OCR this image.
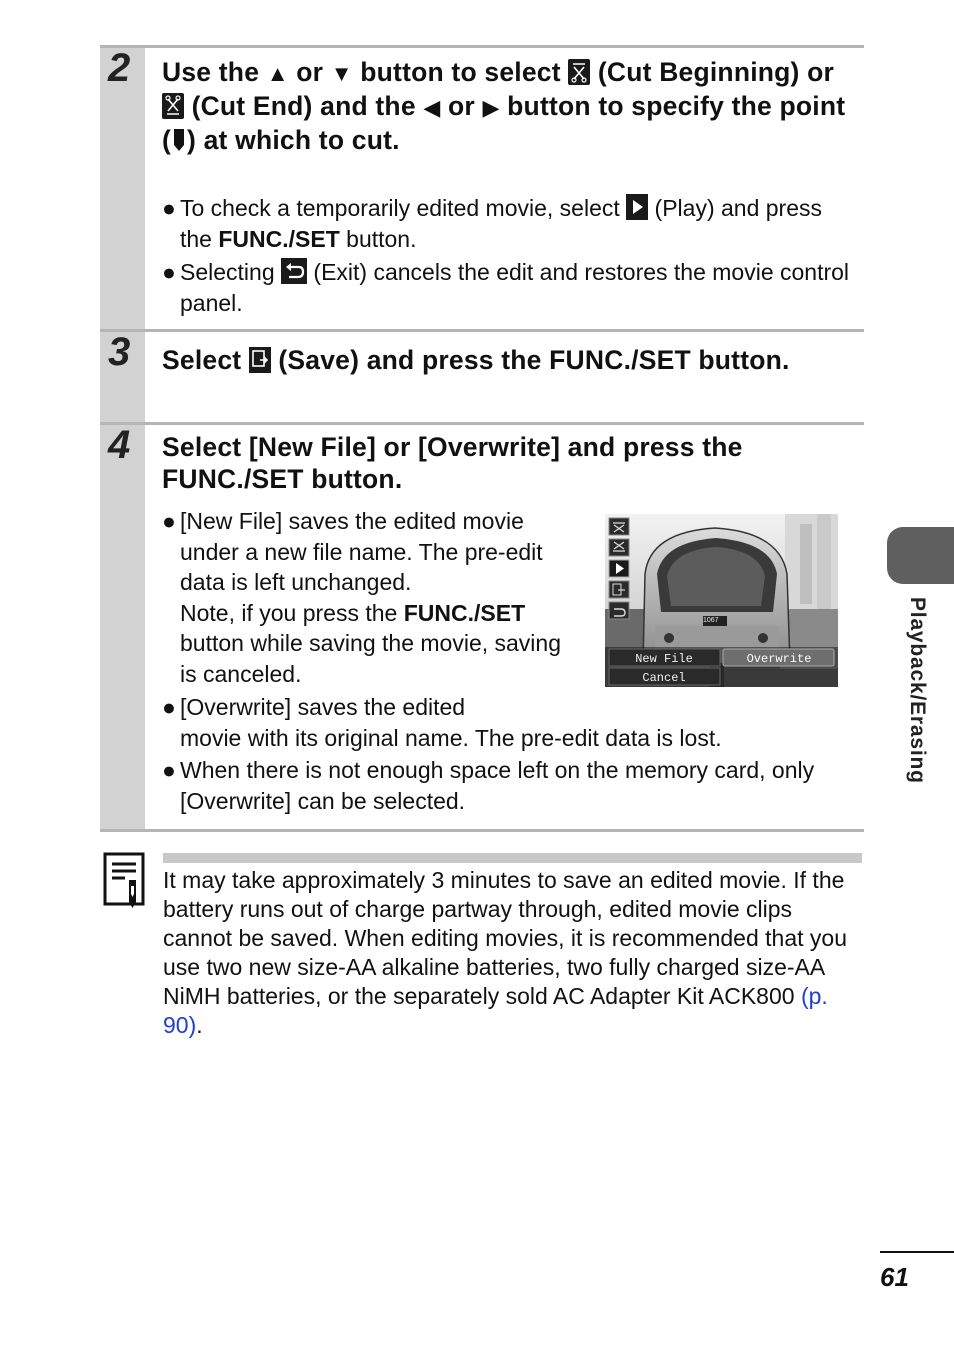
2 Use the ▲ or ▼ button to select  (Cut Beginning) or  (Cut End) and the ◀ or ▶ button to specify the point ( ) at which to cut.
● To check a temporarily edited movie, select  (Play) and press the FUNC./SET button.
● Selecting  (Exit) cancels the edit and restores the movie control panel.
3 Select  (Save) and press the FUNC./SET button.
4 Select [New File] or [Overwrite] and press the FUNC./SET button.
● [New File] saves the edited movie under a new file name. The pre-edit data is left unchanged.
Note, if you press the FUNC./SET button while saving the movie, saving is canceled.
● [Overwrite] saves the edited
movie with its original name. The pre-edit data is lost.
● When there is not enough space left on the memory card, only [Overwrite] can be selected.
1067
New File	Overwrite
Cancel
It may take approximately 3 minutes to save an edited movie. If the battery runs out of charge partway through, edited movie clips cannot be saved. When editing movies, it is recommended that you use two new size-AA alkaline batteries, two fully charged size-AA NiMH batteries, or the separately sold AC Adapter Kit ACK800 (p. 90).
Playback/Erasing
61
